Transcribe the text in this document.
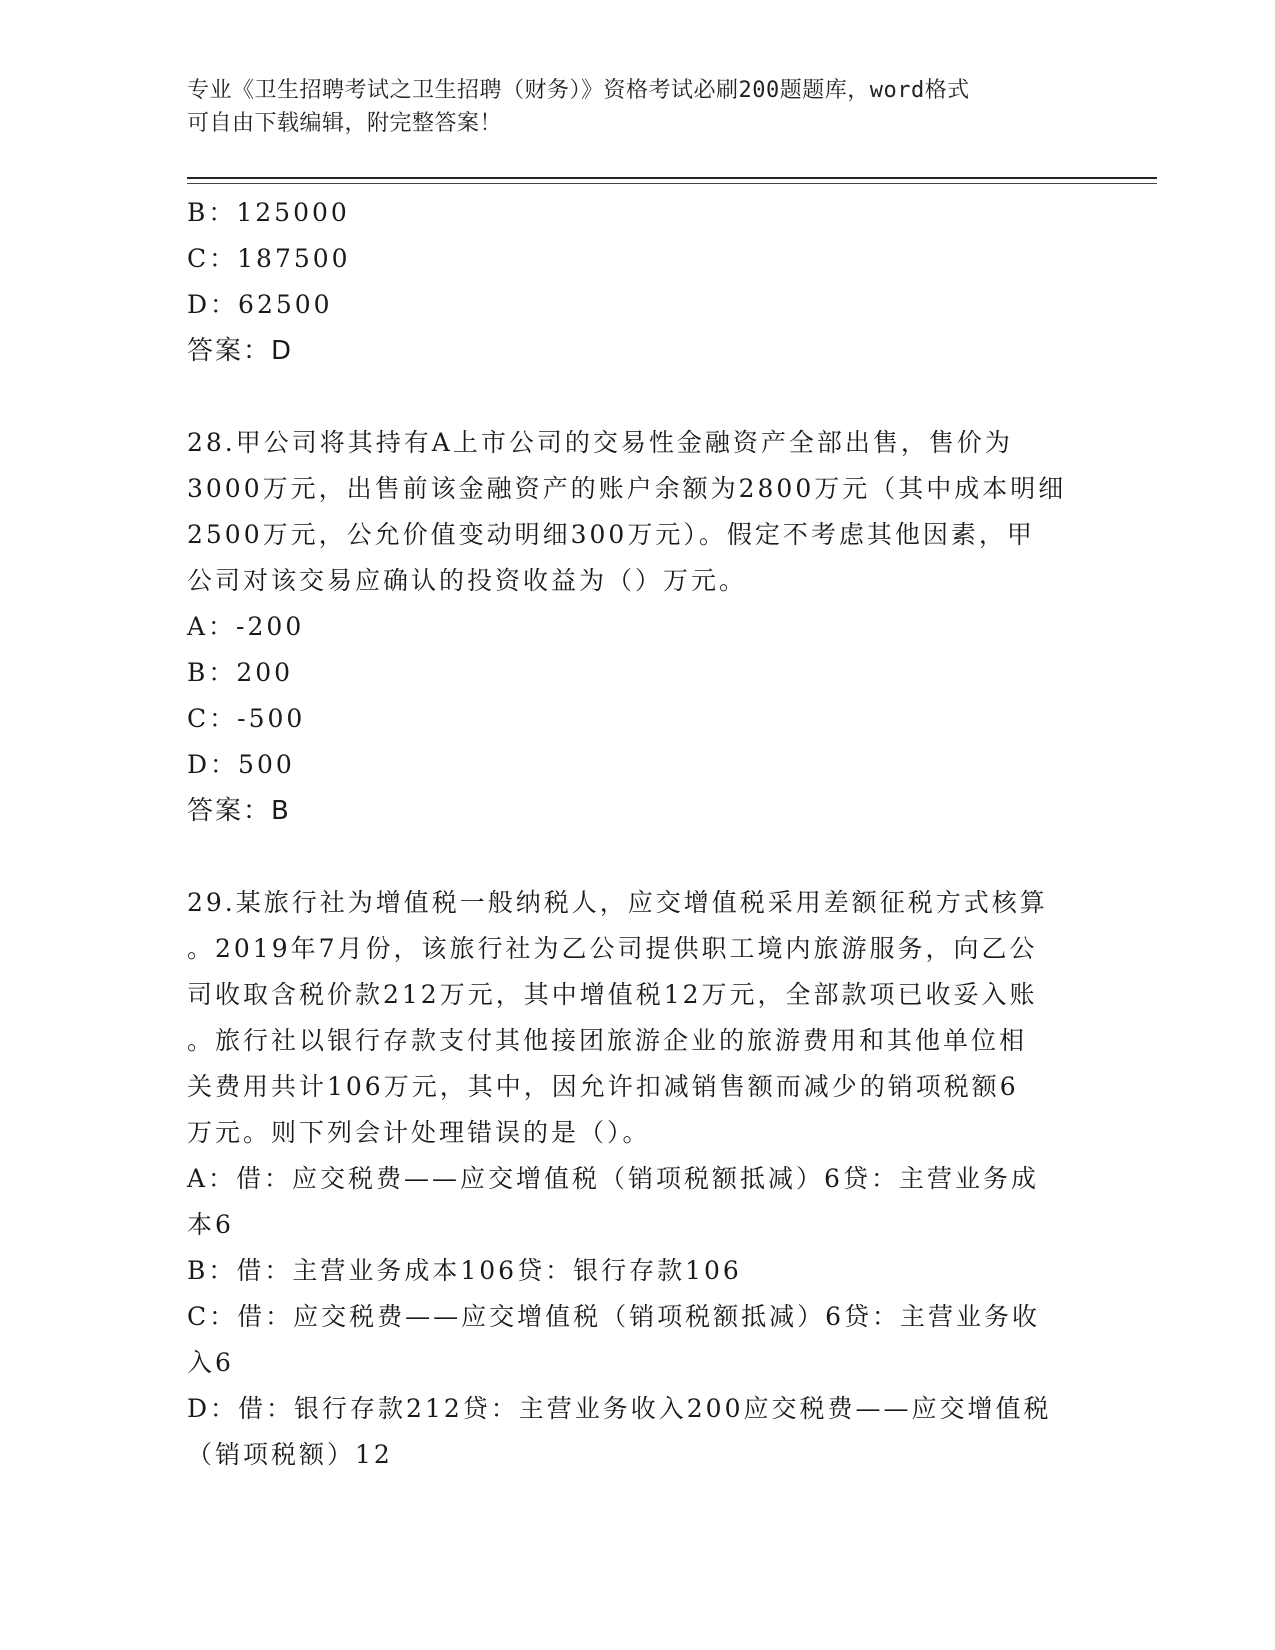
专业《卫生招聘考试之卫生招聘（财务）》资格考试必刷200题题库，word格式
可自由下载编辑，附完整答案！
B：125000
C：187500
D：62500
答案：D
28.甲公司将其持有A上市公司的交易性金融资产全部出售，售价为
3000万元，出售前该金融资产的账户余额为2800万元（其中成本明细
2500万元，公允价值变动明细300万元）。假定不考虑其他因素，甲
公司对该交易应确认的投资收益为（）万元。
A：-200
B：200
C：-500
D：500
答案：B
29.某旅行社为增值税一般纳税人，应交增值税采用差额征税方式核算
。2019年7月份，该旅行社为乙公司提供职工境内旅游服务，向乙公
司收取含税价款212万元，其中增值税12万元，全部款项已收妥入账
。旅行社以银行存款支付其他接团旅游企业的旅游费用和其他单位相
关费用共计106万元，其中，因允许扣减销售额而减少的销项税额6
万元。则下列会计处理错误的是（）。
A：借：应交税费——应交增值税（销项税额抵减）6贷：主营业务成
本6
B：借：主营业务成本106贷：银行存款106
C：借：应交税费——应交增值税（销项税额抵减）6贷：主营业务收
入6
D：借：银行存款212贷：主营业务收入200应交税费——应交增值税
（销项税额）12
